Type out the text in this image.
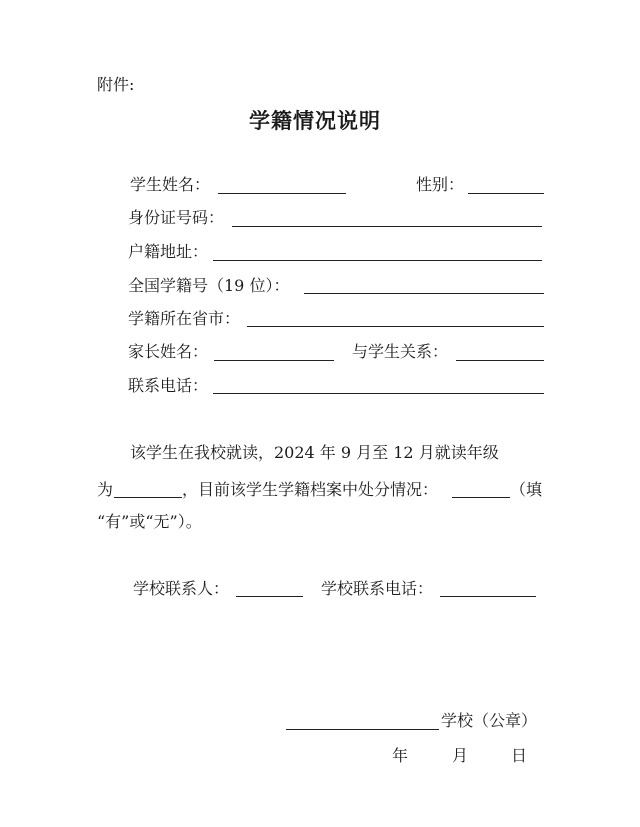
附件:
学籍情况说明
学生姓名：	性别：
身份证号码：
户籍地址：
全国学籍号（19 位）：
学籍所在省市：
家长姓名：	与学生关系：
联系电话：
该学生在我校就读，2024 年 9 月至 12 月就读年级
为	，目前该学生学籍档案中处分情况：	（填
“有”或“无”）。
学校联系人：	学校联系电话：
学校（公章）
年	月	日
